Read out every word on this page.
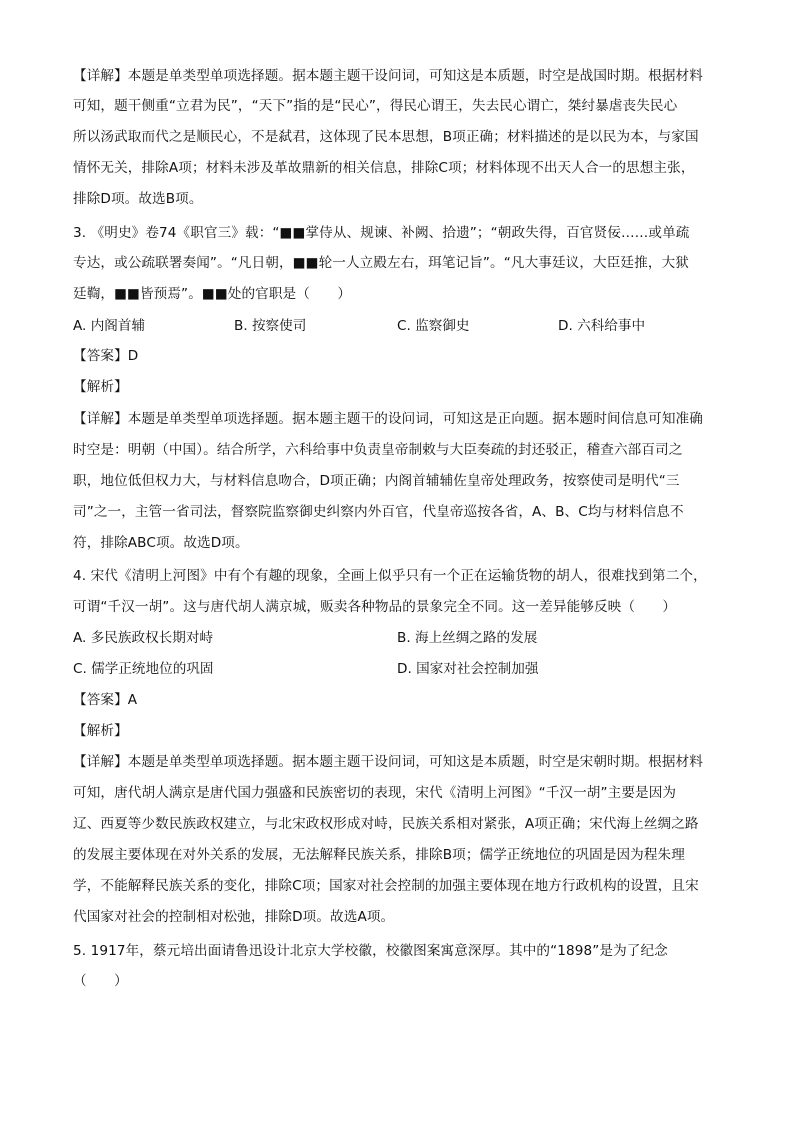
【详解】本题是单类型单项选择题。据本题主题干设问词，可知这是本质题，时空是战国时期。根据材料
可知，题干侧重“立君为民”，“天下”指的是“民心”，得民心谓王，失去民心谓亡，桀纣暴虐丧失民心
所以汤武取而代之是顺民心，不是弑君，这体现了民本思想，B项正确；材料描述的是以民为本，与家国
情怀无关，排除A项；材料未涉及革故鼎新的相关信息，排除C项；材料体现不出天人合一的思想主张，
排除D项。故选B项。
3. 《明史》卷74《职官三》载：“■■掌侍从、规谏、补阙、拾遗”；“朝政失得，百官贤佞……或单疏
专达，或公疏联署奏闻”。“凡日朝，■■轮一人立殿左右，珥笔记旨”。“凡大事廷议，大臣廷推，大狱
廷鞫，■■皆预焉”。■■处的官职是（　　）
A. 内阁首辅	B. 按察使司	C. 监察御史	D. 六科给事中
【答案】D
【解析】
【详解】本题是单类型单项选择题。据本题主题干的设问词，可知这是正向题。据本题时间信息可知准确
时空是：明朝（中国）。结合所学，六科给事中负责皇帝制敕与大臣奏疏的封还驳正，稽查六部百司之
职，地位低但权力大，与材料信息吻合，D项正确；内阁首辅辅佐皇帝处理政务，按察使司是明代“三
司”之一，主管一省司法，督察院监察御史纠察内外百官，代皇帝巡按各省，A、B、C均与材料信息不
符，排除ABC项。故选D项。
4. 宋代《清明上河图》中有个有趣的现象，全画上似乎只有一个正在运输货物的胡人，很难找到第二个，
可谓“千汉一胡”。这与唐代胡人满京城，贩卖各种物品的景象完全不同。这一差异能够反映（　　）
A. 多民族政权长期对峙	B. 海上丝绸之路的发展
C. 儒学正统地位的巩固	D. 国家对社会控制加强
【答案】A
【解析】
【详解】本题是单类型单项选择题。据本题主题干设问词，可知这是本质题，时空是宋朝时期。根据材料
可知，唐代胡人满京是唐代国力强盛和民族密切的表现，宋代《清明上河图》“千汉一胡”主要是因为
辽、西夏等少数民族政权建立，与北宋政权形成对峙，民族关系相对紧张，A项正确；宋代海上丝绸之路
的发展主要体现在对外关系的发展，无法解释民族关系，排除B项；儒学正统地位的巩固是因为程朱理
学，不能解释民族关系的变化，排除C项；国家对社会控制的加强主要体现在地方行政机构的设置，且宋
代国家对社会的控制相对松弛，排除D项。故选A项。
5. 1917年，蔡元培出面请鲁迅设计北京大学校徽，校徽图案寓意深厚。其中的“1898”是为了纪念
（　　）
